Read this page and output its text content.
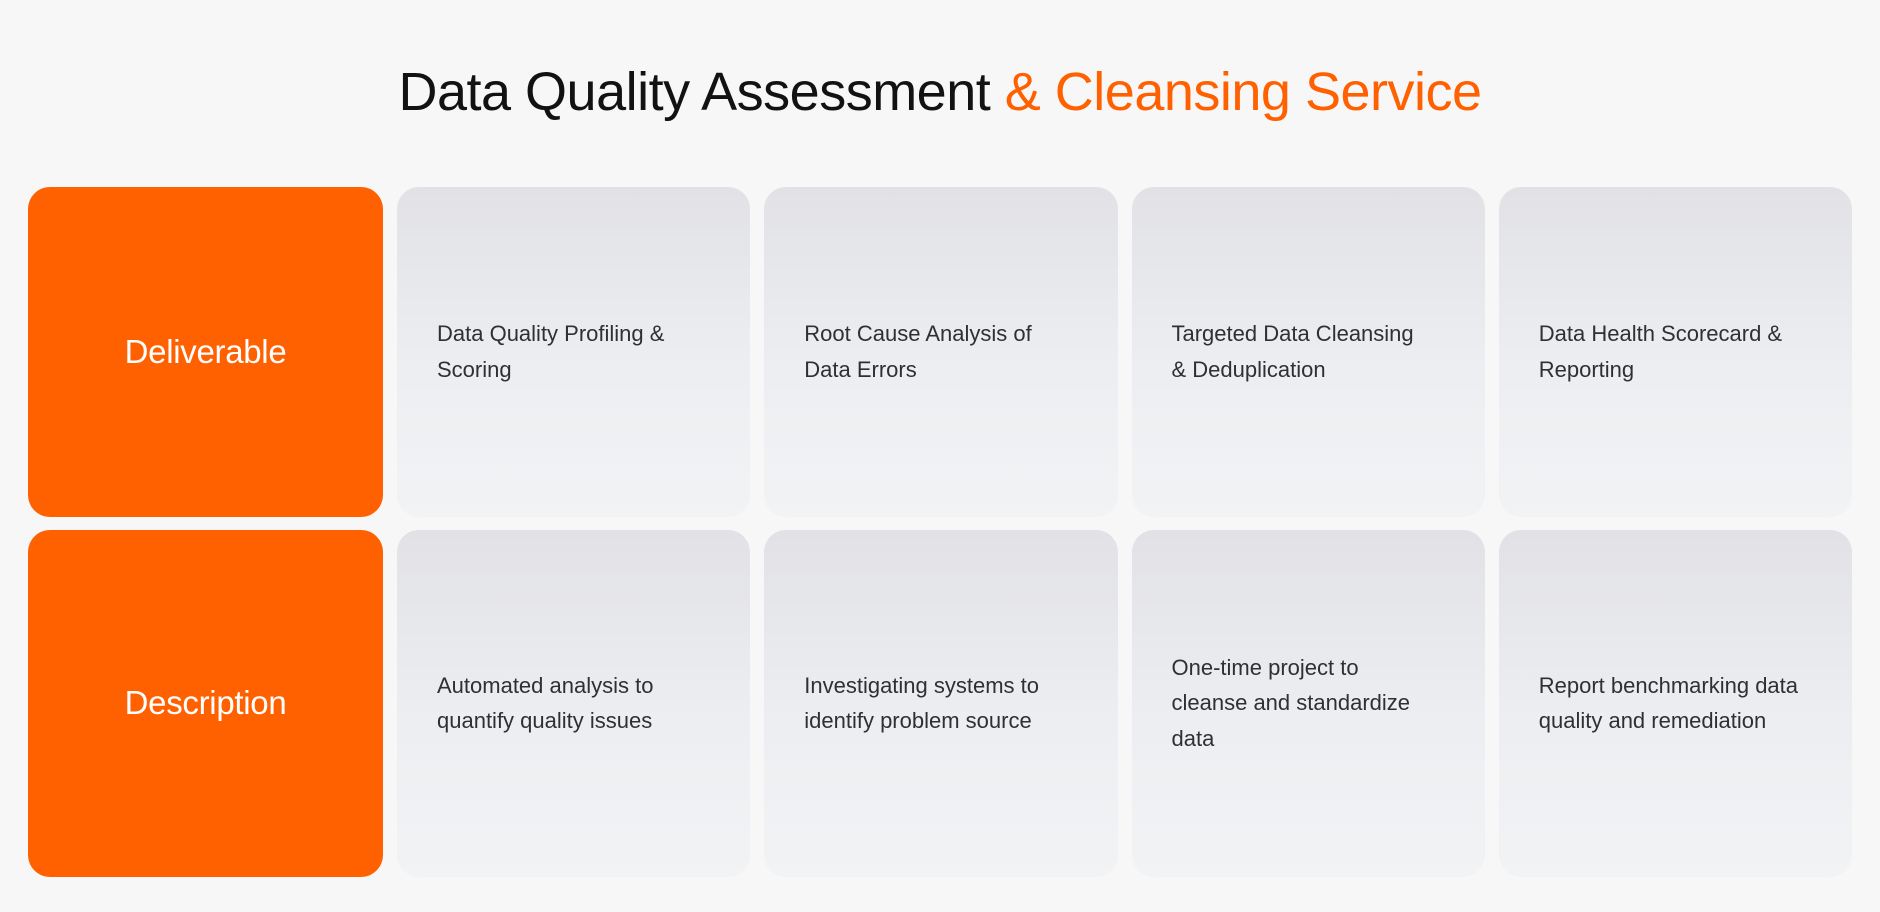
Data Quality Assessment & Cleansing Service
Deliverable	Data Quality Profiling & Scoring
Root Cause Analysis of Data Errors
Targeted Data Cleansing & Deduplication
Data Health Scorecard & Reporting
Description	Automated analysis to quantify quality issues
Investigating systems to identify problem source
One-time project to cleanse and standardize data
Report benchmarking data quality and remediation
